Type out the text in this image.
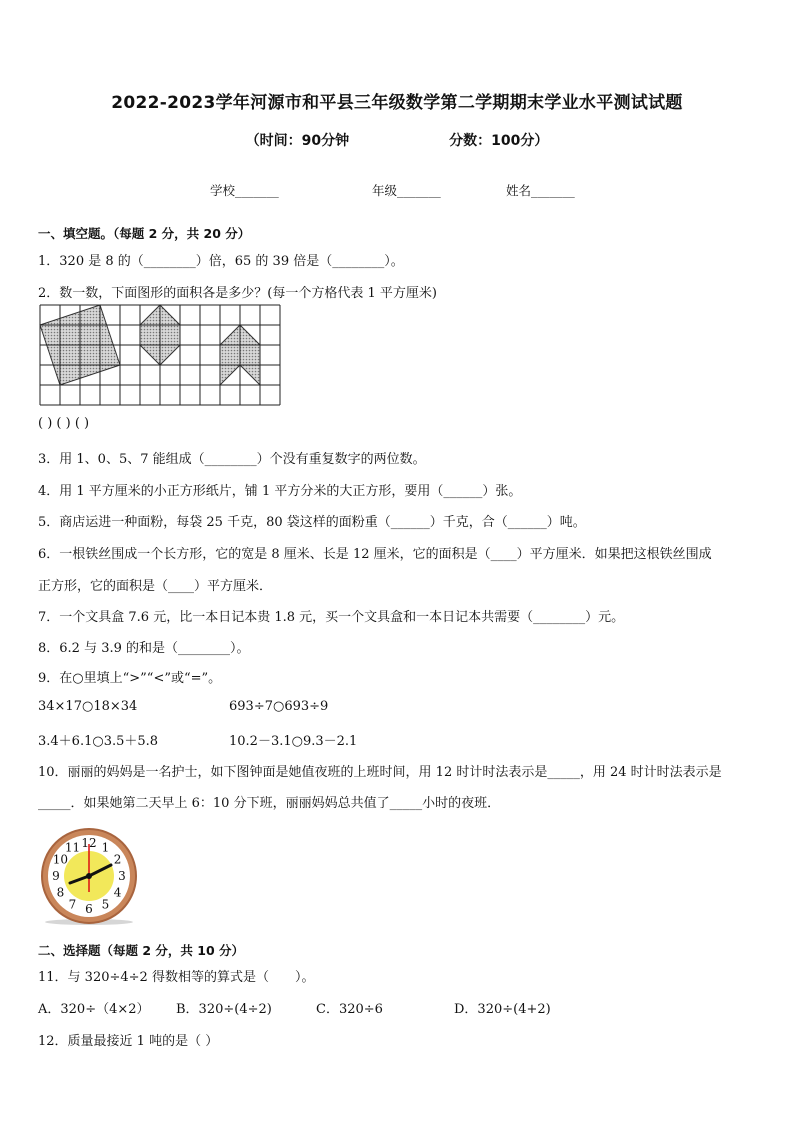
2022-2023学年河源市和平县三年级数学第二学期期末学业水平测试试题
（时间：90分钟	分数：100分）
学校_______	年级_______	姓名_______
一、填空题。（每题 2 分，共 20 分）
1．320 是 8 的（________）倍，65 的 39 倍是（________）。
2．数一数，下面图形的面积各是多少？(每一个方格代表 1 平方厘米)
( ) ( ) ( )
3．用 1、0、5、7 能组成（________）个没有重复数字的两位数。
4．用 1 平方厘米的小正方形纸片，铺 1 平方分米的大正方形，要用（______）张。
5．商店运进一种面粉，每袋 25 千克，80 袋这样的面粉重（______）千克，合（______）吨。
6．一根铁丝围成一个长方形，它的宽是 8 厘米、长是 12 厘米，它的面积是（____）平方厘米．如果把这根铁丝围成
正方形，它的面积是（____）平方厘米．
7．一个文具盒 7.6 元，比一本日记本贵 1.8 元，买一个文具盒和一本日记本共需要（________）元。
8．6.2 与 3.9 的和是（________）。
9．在○里填上“>”“<”或“=”。
34×17○18×34	693÷7○693÷9
3.4＋6.1○3.5＋5.8	10.2－3.1○9.3－2.1
10．丽丽的妈妈是一名护士，如下图钟面是她值夜班的上班时间，用 12 时计时法表示是_____，用 24 时计时法表示是
_____．如果她第二天早上 6：10 分下班，丽丽妈妈总共值了_____小时的夜班．
12 1
2
3
4
5
6
7
8
9
10
11
二、选择题（每题 2 分，共 10 分）
11．与 320÷4÷2 得数相等的算式是（　　）。
A．320÷（4×2） B．320÷(4÷2)	C．320÷6	D．320÷(4+2)
12．质量最接近 1 吨的是（ ）
